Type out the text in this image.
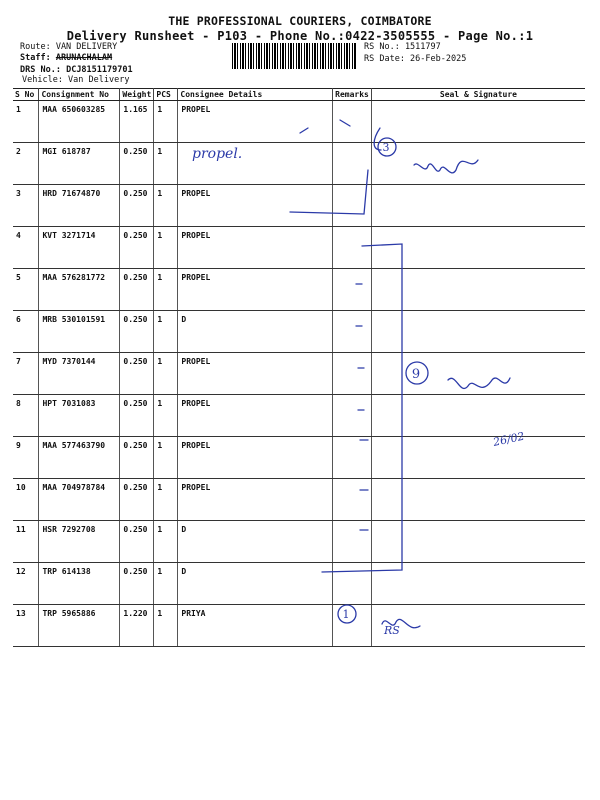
THE PROFESSIONAL COURIERS, COIMBATORE
Delivery Runsheet - P103 - Phone No.:0422-3505555 - Page No.:1
Route: VAN DELIVERY
Staff: ARUNACHALAM
DRS No.: DCJ8151179701
Vehicle: Van Delivery
RS No.: 1511797
RS Date: 26-Feb-2025
S No	Consignment No	Weight	PCS	Consignee Details	Remarks	Seal & Signature
1	MAA 650603285	1.165	1	PROPEL		
2	MGI 618787	0.250	1			
3	HRD 71674870	0.250	1	PROPEL		
4	KVT 3271714	0.250	1	PROPEL		
5	MAA 576281772	0.250	1	PROPEL		
6	MRB 530101591	0.250	1	D		
7	MYD 7370144	0.250	1	PROPEL		
8	HPT 7031083	0.250	1	PROPEL		
9	MAA 577463790	0.250	1	PROPEL		
10	MAA 704978784	0.250	1	PROPEL		
11	HSR 7292708	0.250	1	D		
12	TRP 614138	0.250	1	D		
13	TRP 5965886	1.220	1	PRIYA		
3
9
1
propel.
26/02
RS
